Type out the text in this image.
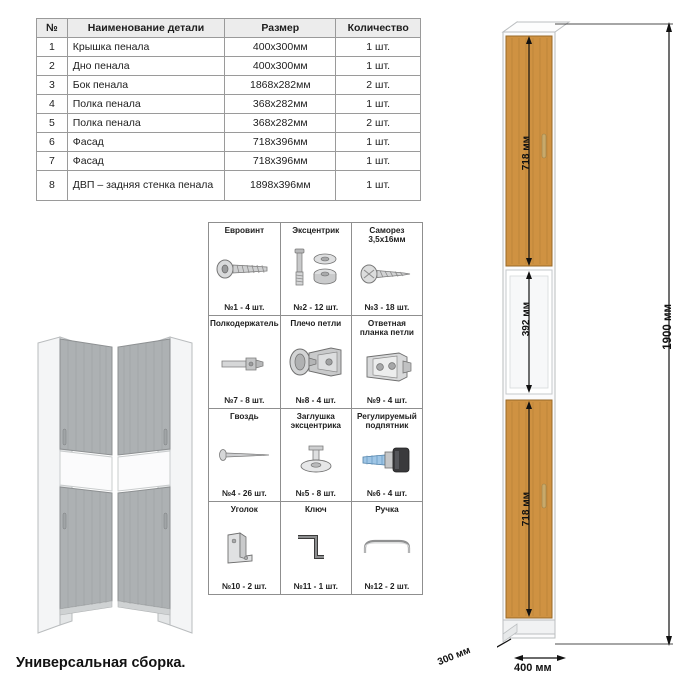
№	Наименование детали	Размер	Количество
1	Крышка пенала	400х300мм	1 шт.
2	Дно пенала	400х300мм	1 шт.
3	Бок пенала	1868х282мм	2 шт.
4	Полка пенала	368х282мм	1 шт.
5	Полка пенала	368х282мм	2 шт.
6	Фасад	718х396мм	1 шт.
7	Фасад	718х396мм	1 шт.
8	ДВП – задняя стенка пенала	1898х396мм	1 шт.
Евровинт
№1 - 4 шт.

Эксцентрик
№2 - 12 шт.

Саморез 3,5х16мм
№3 - 18 шт.

Полкодержатель
№7 - 8 шт.

Плечо петли
№8 - 4 шт.

Ответная планка петли
№9 - 4 шт.

Гвоздь
№4 - 26 шт.

Заглушка эксцентрика
№5 - 8 шт.

Регулируемый подпятник
№6 - 4 шт.

Уголок
№10 - 2 шт.

Ключ
№11 - 1 шт.

Ручка
№12 - 2 шт.
Универсальная сборка.
718 мм
392 мм
718 мм
1900 мм
400 мм
300 мм
